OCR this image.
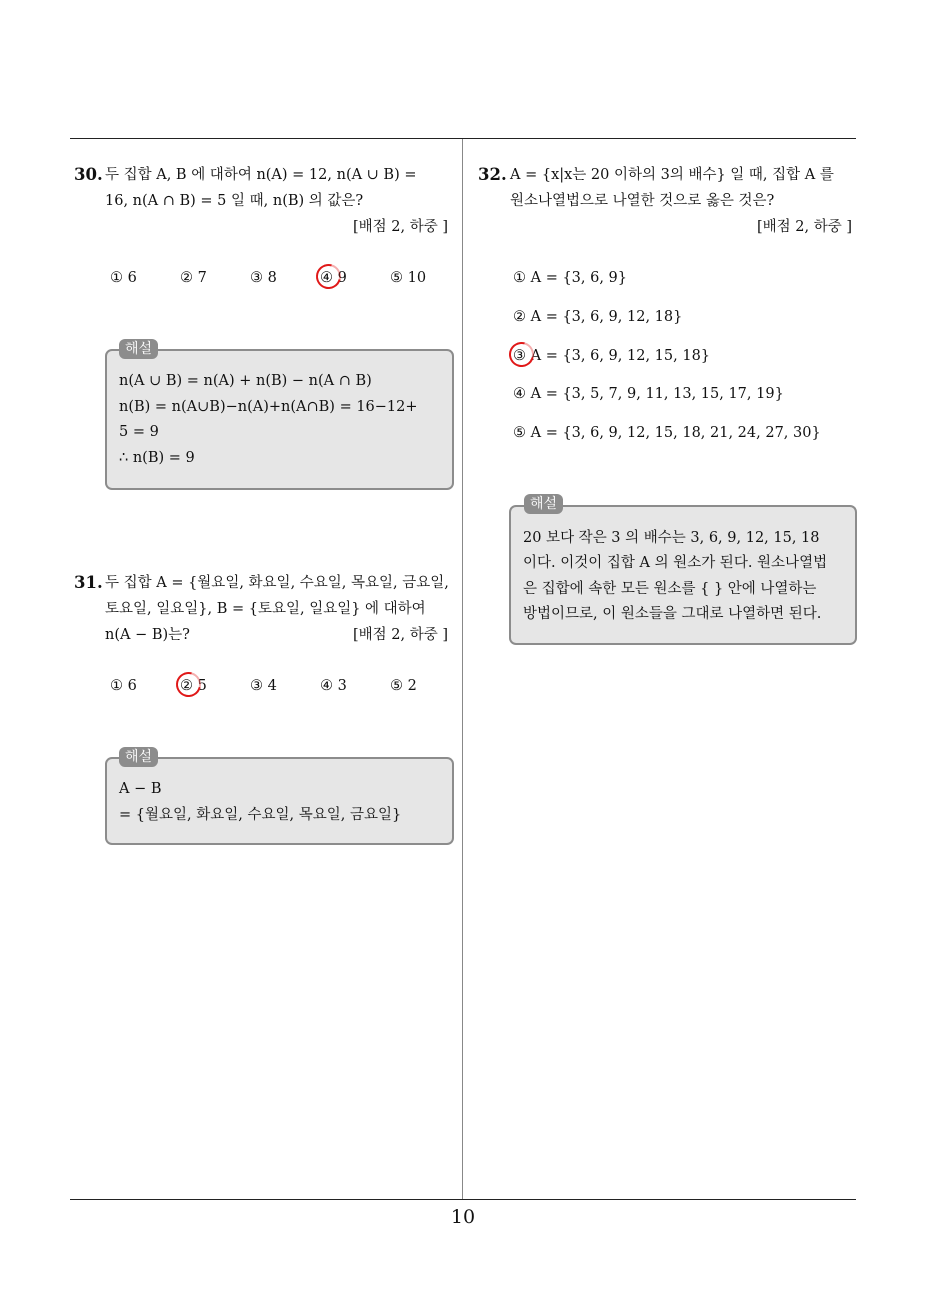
30. 두 집합 A, B 에 대하여 n(A) = 12, n(A ∪ B) =
16, n(A ∩ B) = 5 일 때, n(B) 의 값은?
[배점 2, 하중 ]
① 6	② 7	③ 8	④ 9	⑤ 10
n(A ∪ B) = n(A) + n(B) − n(A ∩ B)
n(B) = n(A∪B)−n(A)+n(A∩B) = 16−12+
5 = 9
∴ n(B) = 9
해설
31. 두 집합 A = {월요일, 화요일, 수요일, 목요일, 금요일,
토요일, 일요일}, B = {토요일, 일요일} 에 대하여
n(A − B)는?	[배점 2, 하중 ]
① 6	② 5	③ 4	④ 3	⑤ 2
A − B
= {월요일, 화요일, 수요일, 목요일, 금요일}
해설
32. A = {x|x는 20 이하의 3의 배수} 일 때, 집합 A 를
원소나열법으로 나열한 것으로 옳은 것은?
[배점 2, 하중 ]
① A = {3, 6, 9}
② A = {3, 6, 9, 12, 18}
③ A = {3, 6, 9, 12, 15, 18}
④ A = {3, 5, 7, 9, 11, 13, 15, 17, 19}
⑤ A = {3, 6, 9, 12, 15, 18, 21, 24, 27, 30}
20 보다 작은 3 의 배수는 3, 6, 9, 12, 15, 18
이다. 이것이 집합 A 의 원소가 된다. 원소나열법
은 집합에 속한 모든 원소를 { } 안에 나열하는
방법이므로, 이 원소들을 그대로 나열하면 된다.
해설
10
